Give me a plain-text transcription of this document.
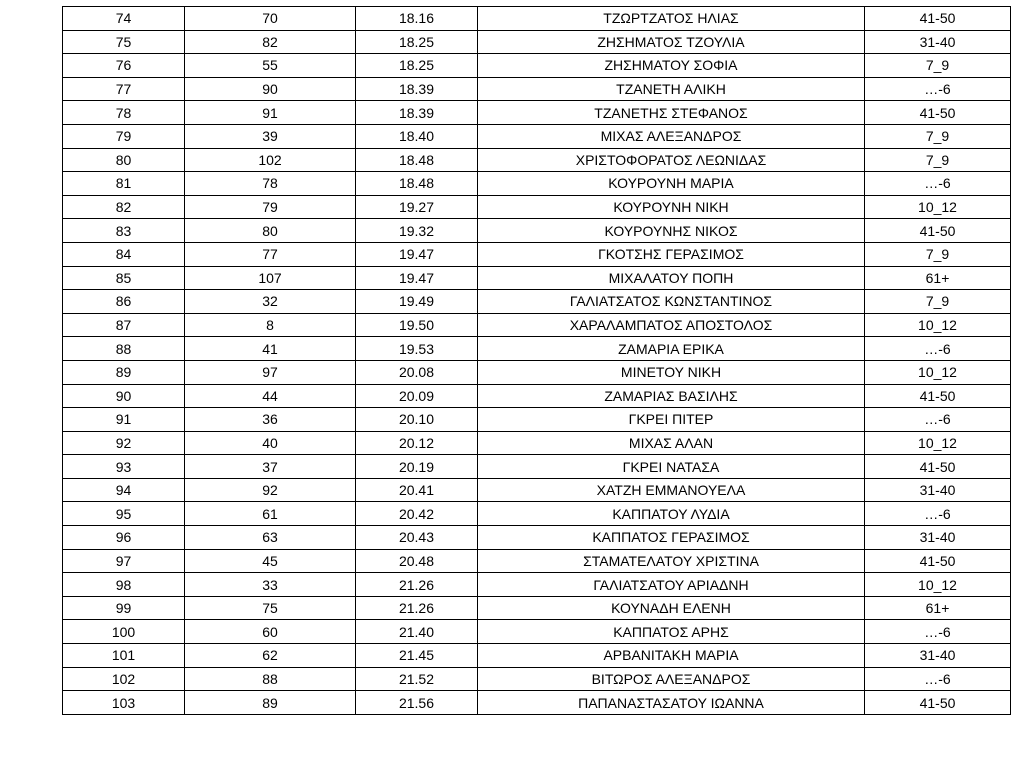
74	70	18.16	ΤΖΩΡΤΖΑΤΟΣ ΗΛΙΑΣ	41-50
75	82	18.25	ΖΗΣΗΜΑΤΟΣ ΤΖΟΥΛΙΑ	31-40
76	55	18.25	ΖΗΣΗΜΑΤΟΥ ΣΟΦΙΑ	7_9
77	90	18.39	ΤΖΑΝΕΤΗ ΑΛΙΚΗ	…-6
78	91	18.39	ΤΖΑΝΕΤΗΣ ΣΤΕΦΑΝΟΣ	41-50
79	39	18.40	ΜΙΧΑΣ ΑΛΕΞΑΝΔΡΟΣ	7_9
80	102	18.48	ΧΡΙΣΤΟΦΟΡΑΤΟΣ ΛΕΩΝΙΔΑΣ	7_9
81	78	18.48	ΚΟΥΡΟΥΝΗ ΜΑΡΙΑ	…-6
82	79	19.27	ΚΟΥΡΟΥΝΗ ΝΙΚΗ	10_12
83	80	19.32	ΚΟΥΡΟΥΝΗΣ ΝΙΚΟΣ	41-50
84	77	19.47	ΓΚΟΤΣΗΣ ΓΕΡΑΣΙΜΟΣ	7_9
85	107	19.47	ΜΙΧΑΛΑΤΟΥ ΠΟΠΗ	61+
86	32	19.49	ΓΑΛΙΑΤΣΑΤΟΣ ΚΩΝΣΤΑΝΤΙΝΟΣ	7_9
87	8	19.50	ΧΑΡΑΛΑΜΠΑΤΟΣ ΑΠΟΣΤΟΛΟΣ	10_12
88	41	19.53	ΖΑΜΑΡΙΑ ΕΡΙΚΑ	…-6
89	97	20.08	ΜΙΝΕΤΟΥ ΝΙΚΗ	10_12
90	44	20.09	ΖΑΜΑΡΙΑΣ ΒΑΣΙΛΗΣ	41-50
91	36	20.10	ΓΚΡΕΙ ΠΙΤΕΡ	…-6
92	40	20.12	ΜΙΧΑΣ ΑΛΑΝ	10_12
93	37	20.19	ΓΚΡΕΙ ΝΑΤΑΣΑ	41-50
94	92	20.41	ΧΑΤΖΗ ΕΜΜΑΝΟΥΕΛΑ	31-40
95	61	20.42	ΚΑΠΠΑΤΟΥ ΛΥΔΙΑ	…-6
96	63	20.43	ΚΑΠΠΑΤΟΣ ΓΕΡΑΣΙΜΟΣ	31-40
97	45	20.48	ΣΤΑΜΑΤΕΛΑΤΟΥ ΧΡΙΣΤΙΝΑ	41-50
98	33	21.26	ΓΑΛΙΑΤΣΑΤΟΥ ΑΡΙΑΔΝΗ	10_12
99	75	21.26	ΚΟΥΝΑΔΗ ΕΛΕΝΗ	61+
100	60	21.40	ΚΑΠΠΑΤΟΣ ΑΡΗΣ	…-6
101	62	21.45	ΑΡΒΑΝΙΤΑΚΗ ΜΑΡΙΑ	31-40
102	88	21.52	ΒΙΤΩΡΟΣ ΑΛΕΞΑΝΔΡΟΣ	…-6
103	89	21.56	ΠΑΠΑΝΑΣΤΑΣΑΤΟΥ ΙΩΑΝΝΑ	41-50
